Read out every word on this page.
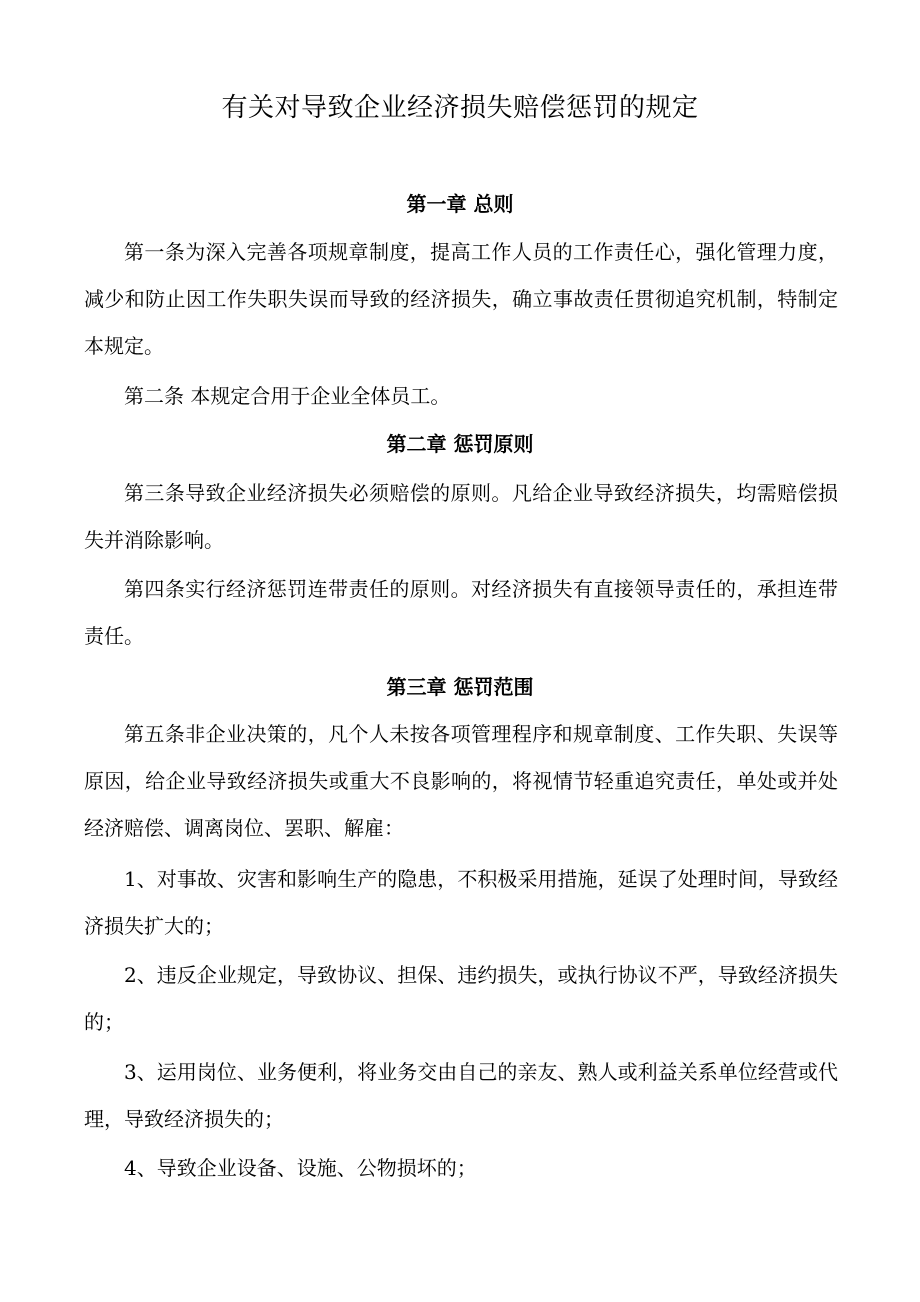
有关对导致企业经济损失赔偿惩罚的规定
第一章 总则

第一条为深入完善各项规章制度，提高工作人员的工作责任心，强化管理力度，减少和防止因工作失职失误而导致的经济损失，确立事故责任贯彻追究机制，特制定本规定。

第二条 本规定合用于企业全体员工。

第二章 惩罚原则

第三条导致企业经济损失必须赔偿的原则。凡给企业导致经济损失，均需赔偿损失并消除影响。

第四条实行经济惩罚连带责任的原则。对经济损失有直接领导责任的，承担连带责任。

第三章 惩罚范围

第五条非企业决策的，凡个人未按各项管理程序和规章制度、工作失职、失误等原因，给企业导致经济损失或重大不良影响的，将视情节轻重追究责任，单处或并处经济赔偿、调离岗位、罢职、解雇：

1、对事故、灾害和影响生产的隐患，不积极采用措施，延误了处理时间，导致经济损失扩大的；

2、违反企业规定，导致协议、担保、违约损失，或执行协议不严，导致经济损失的；

3、运用岗位、业务便利，将业务交由自己的亲友、熟人或利益关系单位经营或代理，导致经济损失的；

4、导致企业设备、设施、公物损坏的；
